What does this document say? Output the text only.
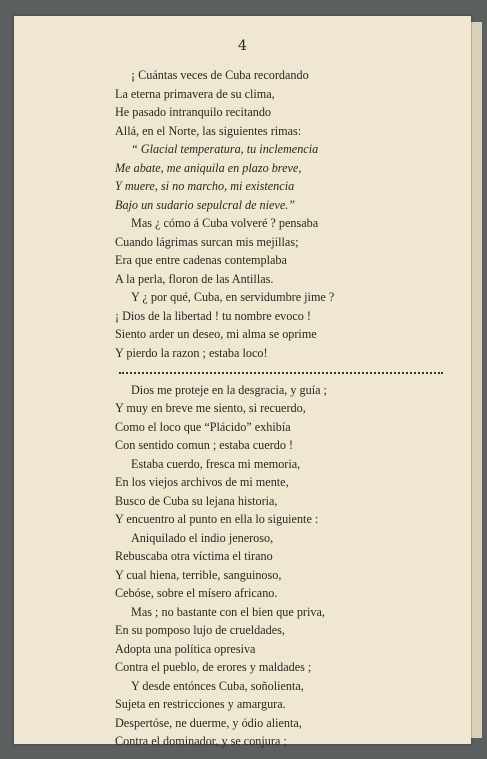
4
¡ Cuántas veces de Cuba recordando
La eterna primavera de su clima,
He pasado intranquilo recitando
Allá, en el Norte, las siguientes rimas:
“ Glacial temperatura, tu inclemencia
Me abate, me aniquila en plazo breve,
Y muere, si no marcho, mi existencia
Bajo un sudario sepulcral de nieve.”
Mas ¿ cómo á Cuba volveré ? pensaba
Cuando lágrimas surcan mis mejillas;
Era que entre cadenas contemplaba
A la perla, floron de las Antillas.
Y ¿ por qué, Cuba, en servidumbre jime ?
¡ Dios de la libertad ! tu nombre evoco !
Siento arder un deseo, mi alma se oprime
Y pierdo la razon ; estaba loco!
Dios me proteje en la desgracia, y guía ;
Y muy en breve me siento, si recuerdo,
Como el loco que “Plácido” exhibía
Con sentido comun ; estaba cuerdo !
Estaba cuerdo, fresca mi memoria,
En los viejos archivos de mi mente,
Busco de Cuba su lejana historia,
Y encuentro al punto en ella lo siguiente :
Aniquilado el indio jeneroso,
Rebuscaba otra víctima el tirano
Y cual hiena, terrible, sanguinoso,
Cebóse, sobre el mísero africano.
Mas ; no bastante con el bien que priva,
En su pomposo lujo de crueldades,
Adopta una política opresiva
Contra el pueblo, de erores y maldades ;
Y desde entónces Cuba, soñolienta,
Sujeta en restricciones y amargura.
Despertóse, ne duerme, y ódio alienta,
Contra el dominador, y se conjura ;
